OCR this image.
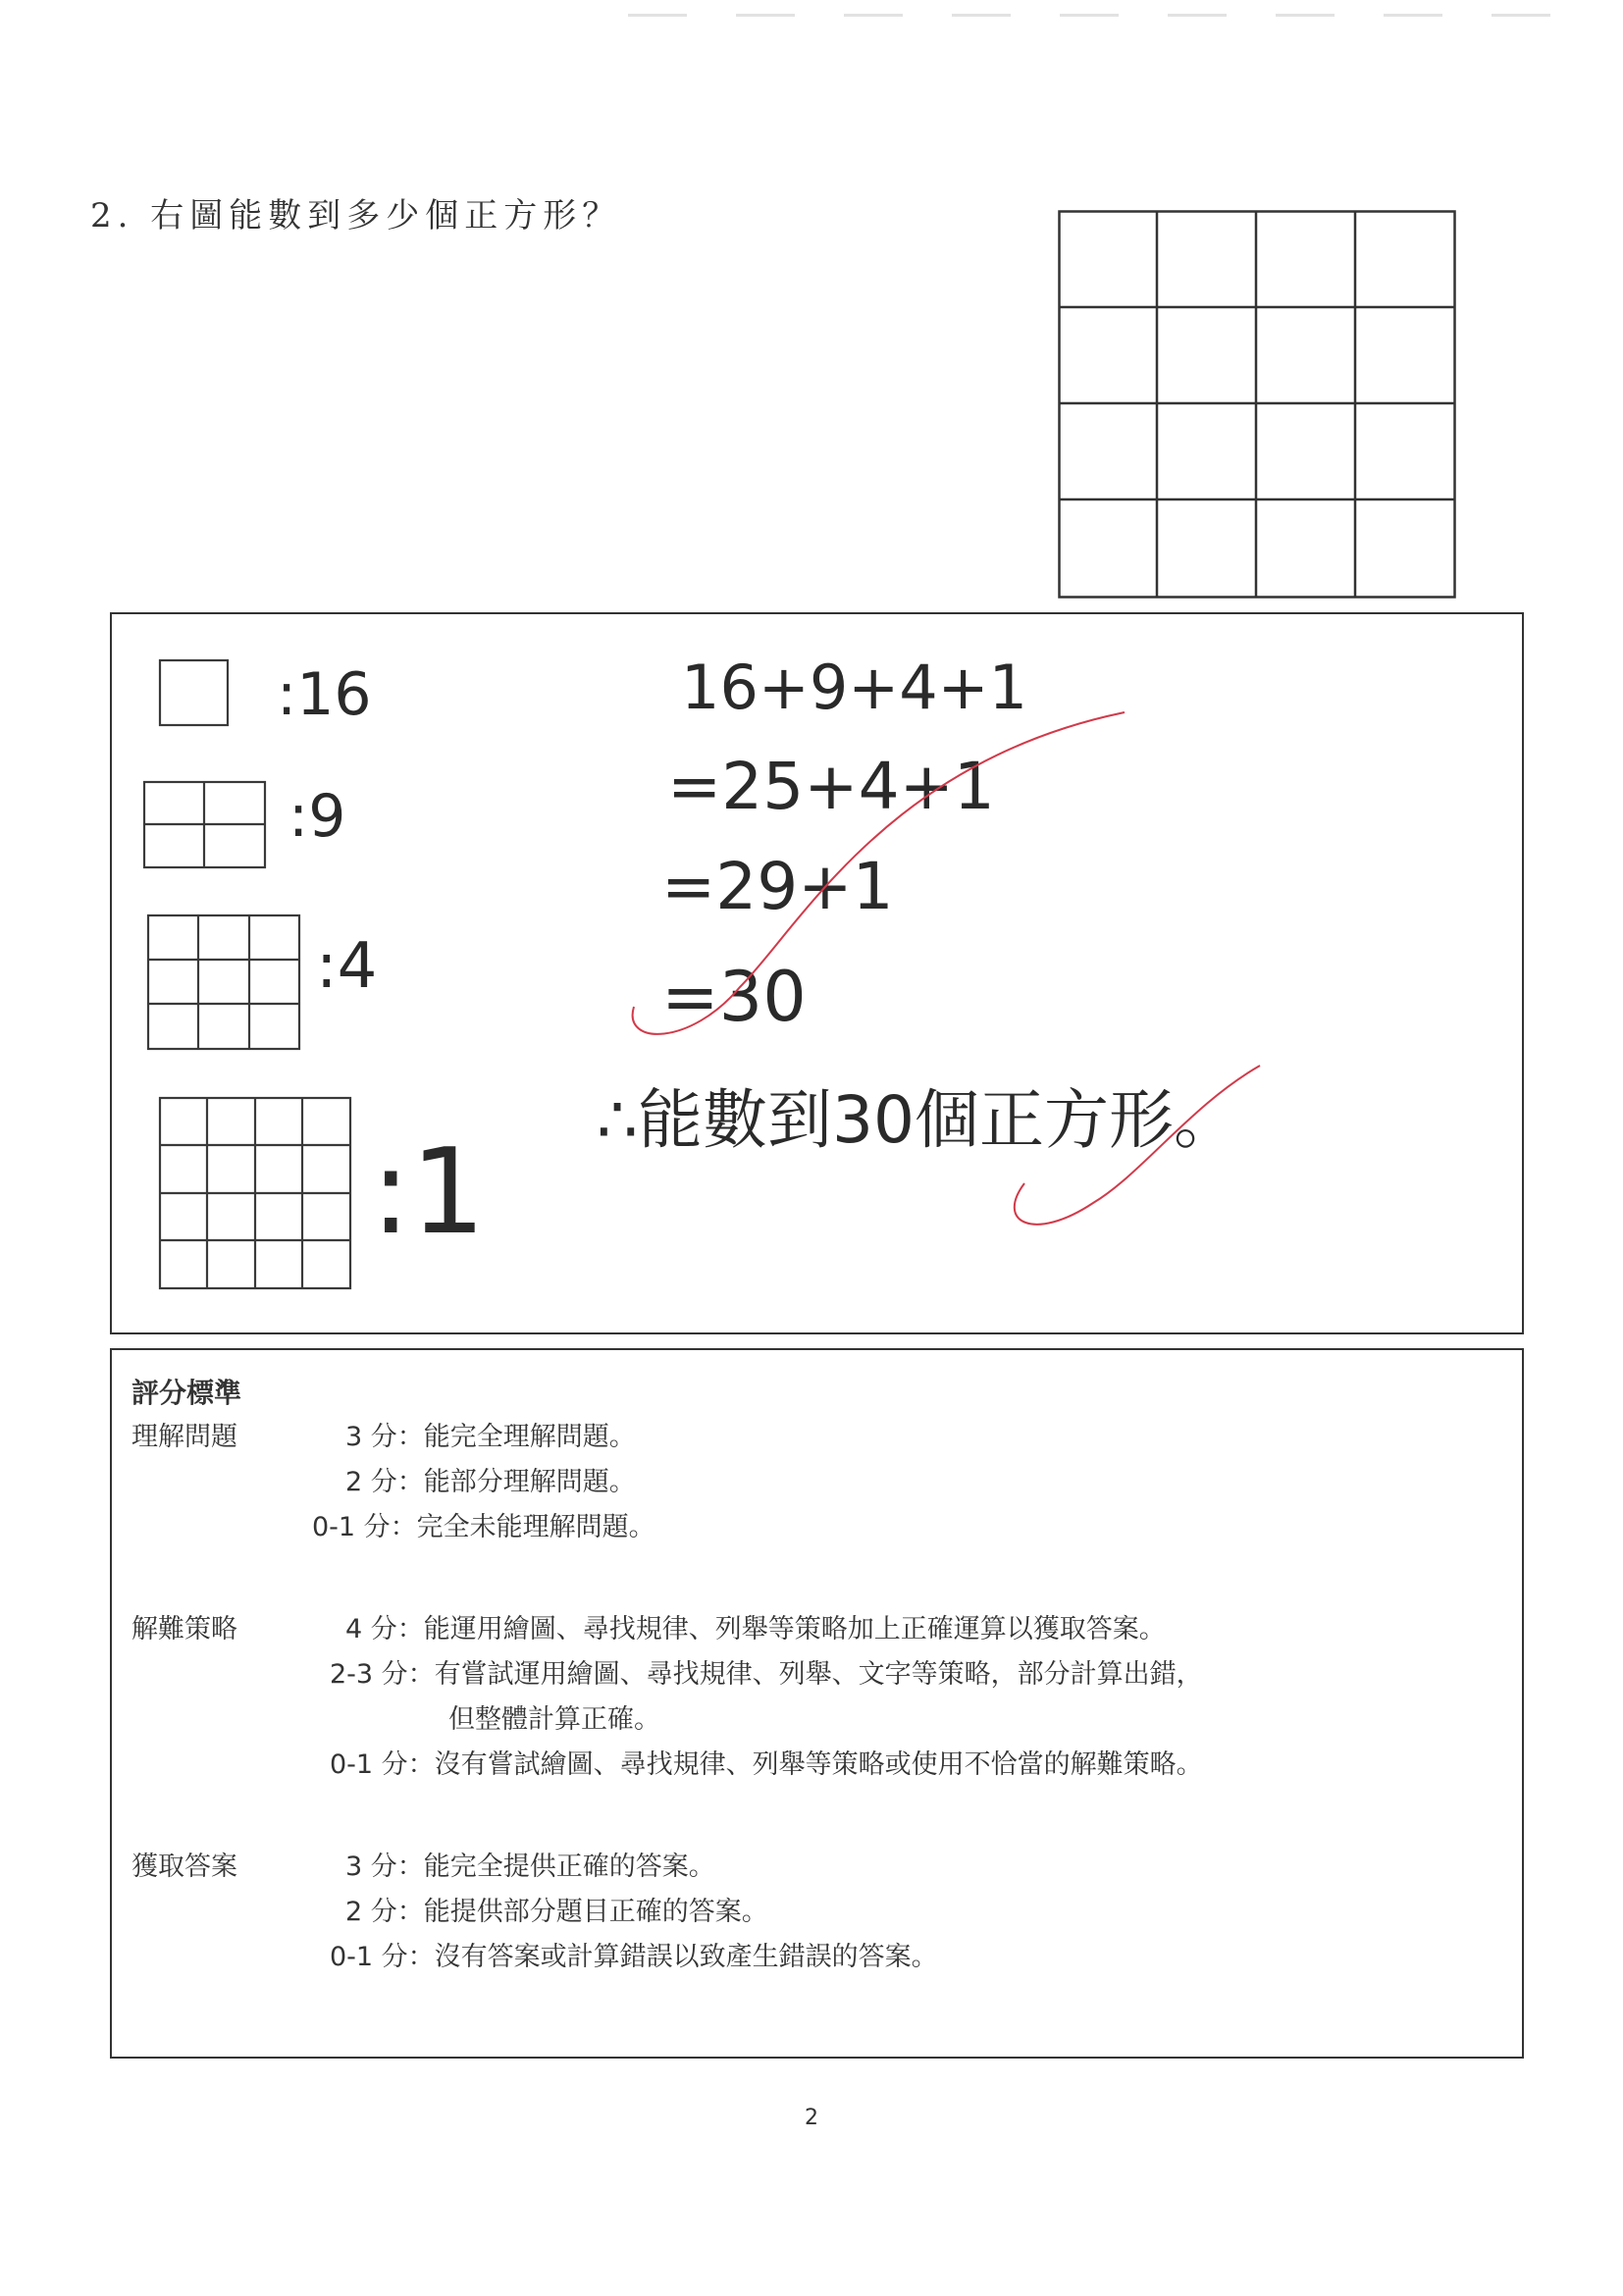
2. 右圖能數到多少個正方形？
:16
:9
:4
:1
16+9+4+1
=25+4+1
=29+1
=30
∴能數到30個正方形。
評分標準
理解問題	3 分：能完全理解問題。
2 分：能部分理解問題。
0-1 分：完全未能理解問題。
解難策略	4 分：能運用繪圖、尋找規律、列舉等策略加上正確運算以獲取答案。
2-3 分：有嘗試運用繪圖、尋找規律、列舉、文字等策略，部分計算出錯，
但整體計算正確。
0-1 分：沒有嘗試繪圖、尋找規律、列舉等策略或使用不恰當的解難策略。
獲取答案	3 分：能完全提供正確的答案。
2 分：能提供部分題目正確的答案。
0-1 分：沒有答案或計算錯誤以致產生錯誤的答案。
2
